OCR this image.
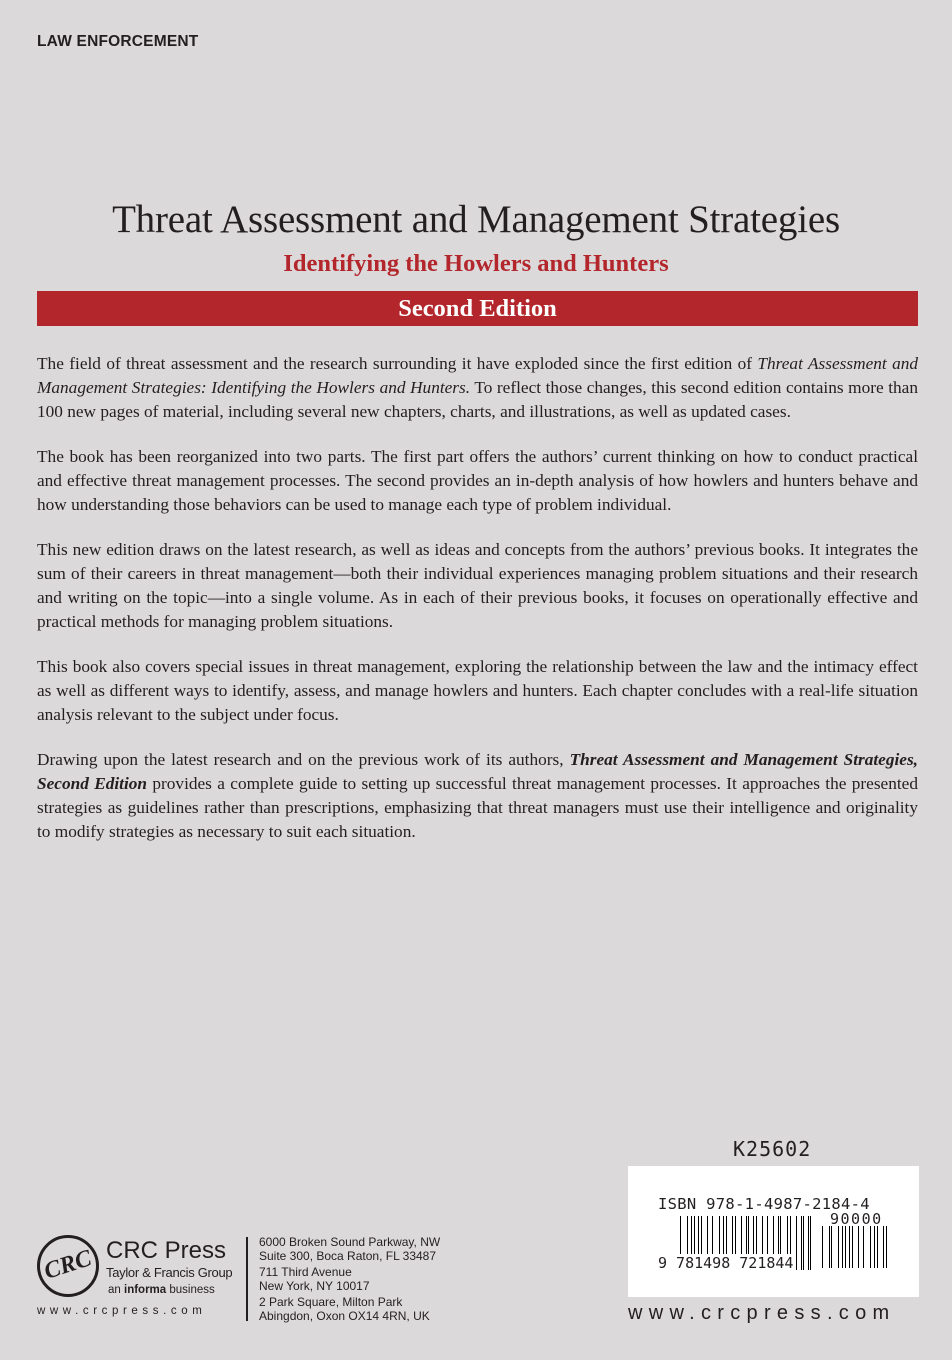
LAW ENFORCEMENT
Threat Assessment and Management Strategies
Identifying the Howlers and Hunters
Second Edition

The field of threat assessment and the research surrounding it have exploded since the first edition of Threat Assessment and Management Strategies: Identifying the Howlers and Hunters. To reflect those changes, this second edition contains more than 100 new pages of material, including several new chapters, charts, and illustrations, as well as updated cases.

The book has been reorganized into two parts. The first part offers the authors’ current thinking on how to conduct practical and effective threat management processes. The second provides an in-depth analysis of how howlers and hunters behave and how understanding those behaviors can be used to manage each type of problem individual.

This new edition draws on the latest research, as well as ideas and concepts from the authors’ previous books. It integrates the sum of their careers in threat management—both their individual experiences managing problem situations and their research and writing on the topic—into a single volume. As in each of their previous books, it focuses on operationally effective and practical methods for managing problem situations.

This book also covers special issues in threat management, exploring the relationship between the law and the intimacy effect as well as different ways to identify, assess, and manage howlers and hunters. Each chapter concludes with a real-life situation analysis relevant to the subject under focus.

Drawing upon the latest research and on the previous work of its authors, Threat Assessment and Management Strategies, Second Edition provides a complete guide to setting up successful threat management processes. It approaches the presented strategies as guidelines rather than prescriptions, emphasizing that threat managers must use their intelligence and originality to modify strategies as necessary to suit each situation.

K25602
ISBN 978-1-4987-2184-4
90000
9 781498 721844
www.crcpress.com
CRC CRC Press
Taylor & Francis Group
an informa business
www.crcpress.com
6000 Broken Sound Parkway, NW
Suite 300, Boca Raton, FL 33487
711 Third Avenue
New York, NY 10017
2 Park Square, Milton Park
Abingdon, Oxon OX14 4RN, UK
